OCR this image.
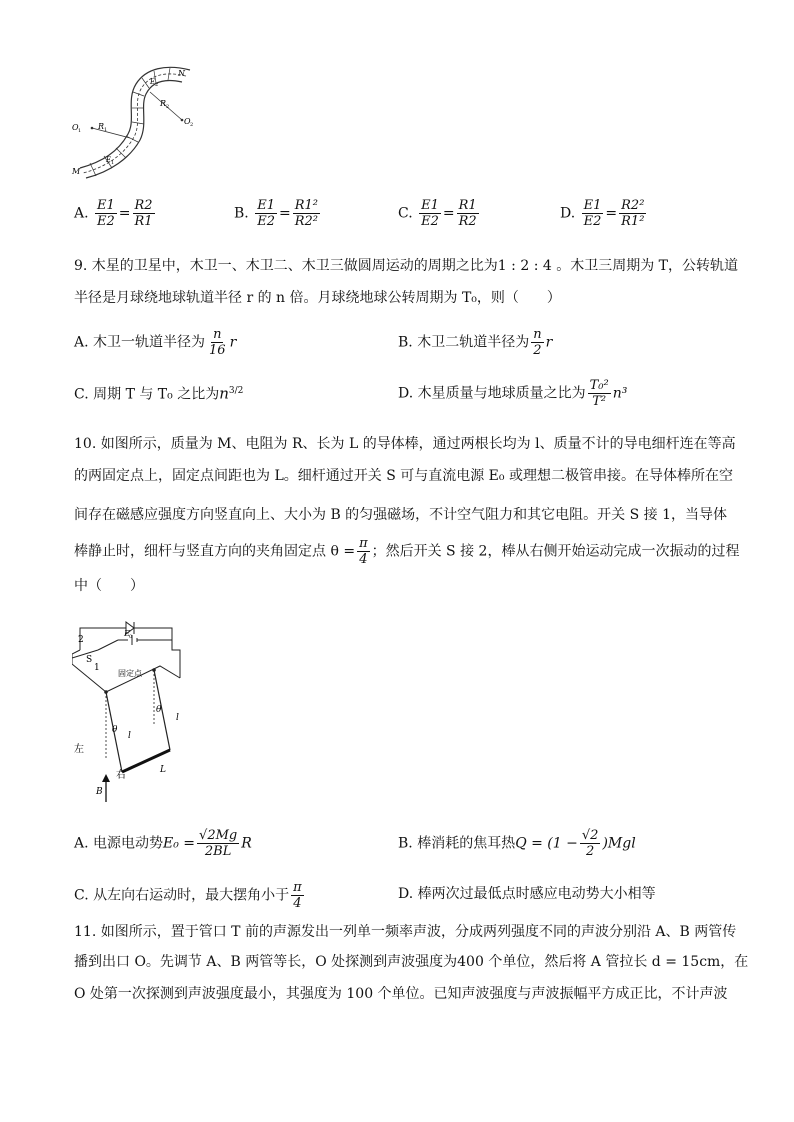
N
O 1 R 1
R 2
O 2
M
E 2
E 1
A. $\frac{E1}{E2} = \frac{R2}{R1}$	B. $\frac{E1}{E2} = \frac{\text{R1²}}{\text{R2²}}$	C. $\frac{E1}{E2} = \frac{R1}{R2}$	D. $\frac{E1}{E2} = \frac{\text{R2²}}{\text{R1²}}$
9. 木星的卫星中，木卫一、木卫二、木卫三做圆周运动的周期之比为1 : 2 : 4 。木卫三周期为 T，公转轨道
半径是月球绕地球轨道半径 r 的 n 倍。月球绕地球公转周期为 T₀，则（　　）
A. 木卫一轨道半径为 $\frac{n}{16}$ r	B. 木卫二轨道半径为 $\frac{n}{2}$ r
C. 周期 T 与 T₀ 之比为$n^{3/2}$	D. 木星质量与地球质量之比为 $\frac{\text{T₀²}}{\text{T²}} n^3$
10. 如图所示，质量为 M、电阻为 R、长为 L 的导体棒，通过两根长均为 l、质量不计的导电细杆连在等高
的两固定点上，固定点间距也为 L。细杆通过开关 S 可与直流电源 E₀ 或理想二极管串接。在导体棒所在空
间存在磁感应强度方向竖直向上、大小为 B 的匀强磁场，不计空气阻力和其它电阻。开关 S 接 1，当导体
棒静止时，细杆与竖直方向的夹角固定点 $\theta = \frac{\pi}{4}$ ；然后开关 S 接 2，棒从右侧开始运动完成一次振动的过程
中（　　）
2
S
1
E 0
固定点
θ
θ
l
l
左
右	L
B
A. 电源电动势$E_0 = \frac{√2Mg}{2BL}$ R	B. 棒消耗的焦耳热$Q = (1 - \frac{√2}{2} )Mgl$
C. 从左向右运动时，最大摆角小于 $\frac{\pi}{4}$	D. 棒两次过最低点时感应电动势大小相等
11. 如图所示，置于管口 T 前的声源发出一列单一频率声波，分成两列强度不同的声波分别沿 A、B 两管传
播到出口 O。先调节 A、B 两管等长，O 处探测到声波强度为400 个单位，然后将 A 管拉长 d = 15cm，在
O 处第一次探测到声波强度最小，其强度为 100 个单位。已知声波强度与声波振幅平方成正比，不计声波
